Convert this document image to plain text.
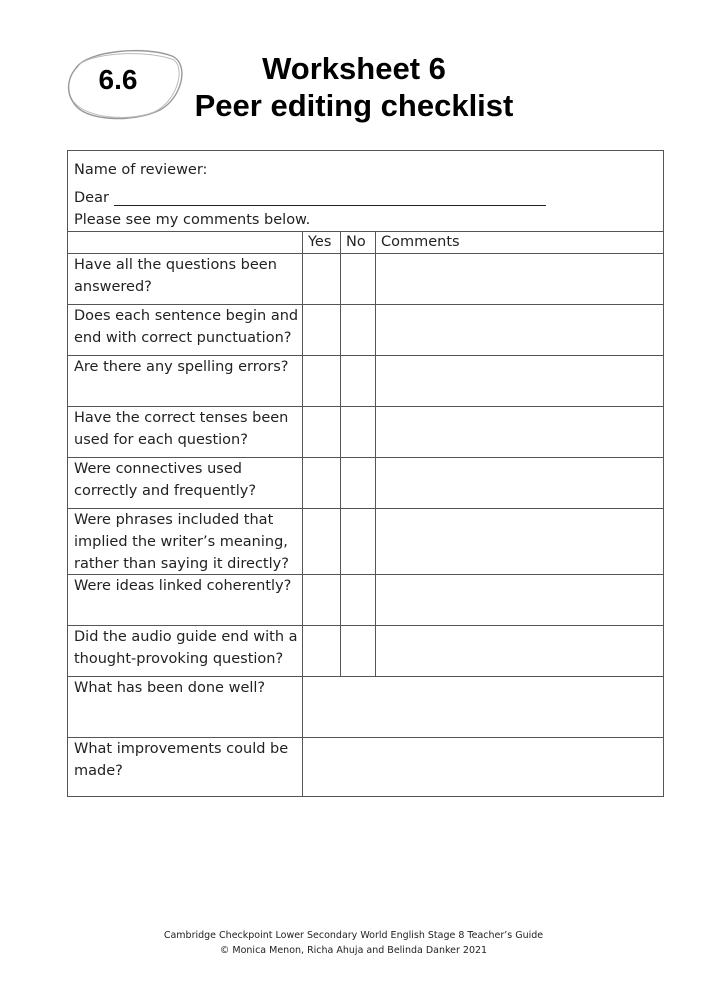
6.6	Worksheet 6
Peer editing checklist
Name of reviewer:
Dear
Please see my comments below.
Yes No Comments
Have all the questions been answered?
Does each sentence begin and end with correct punctuation?
Are there any spelling errors?
Have the correct tenses been used for each question?
Were connectives used correctly and frequently?
Were phrases included that implied the writer’s meaning, rather than saying it directly?
Were ideas linked coherently?
Did the audio guide end with a thought-provoking question?
What has been done well?
What improvements could be made?
Cambridge Checkpoint Lower Secondary World English Stage 8 Teacher’s Guide
© Monica Menon, Richa Ahuja and Belinda Danker 2021
